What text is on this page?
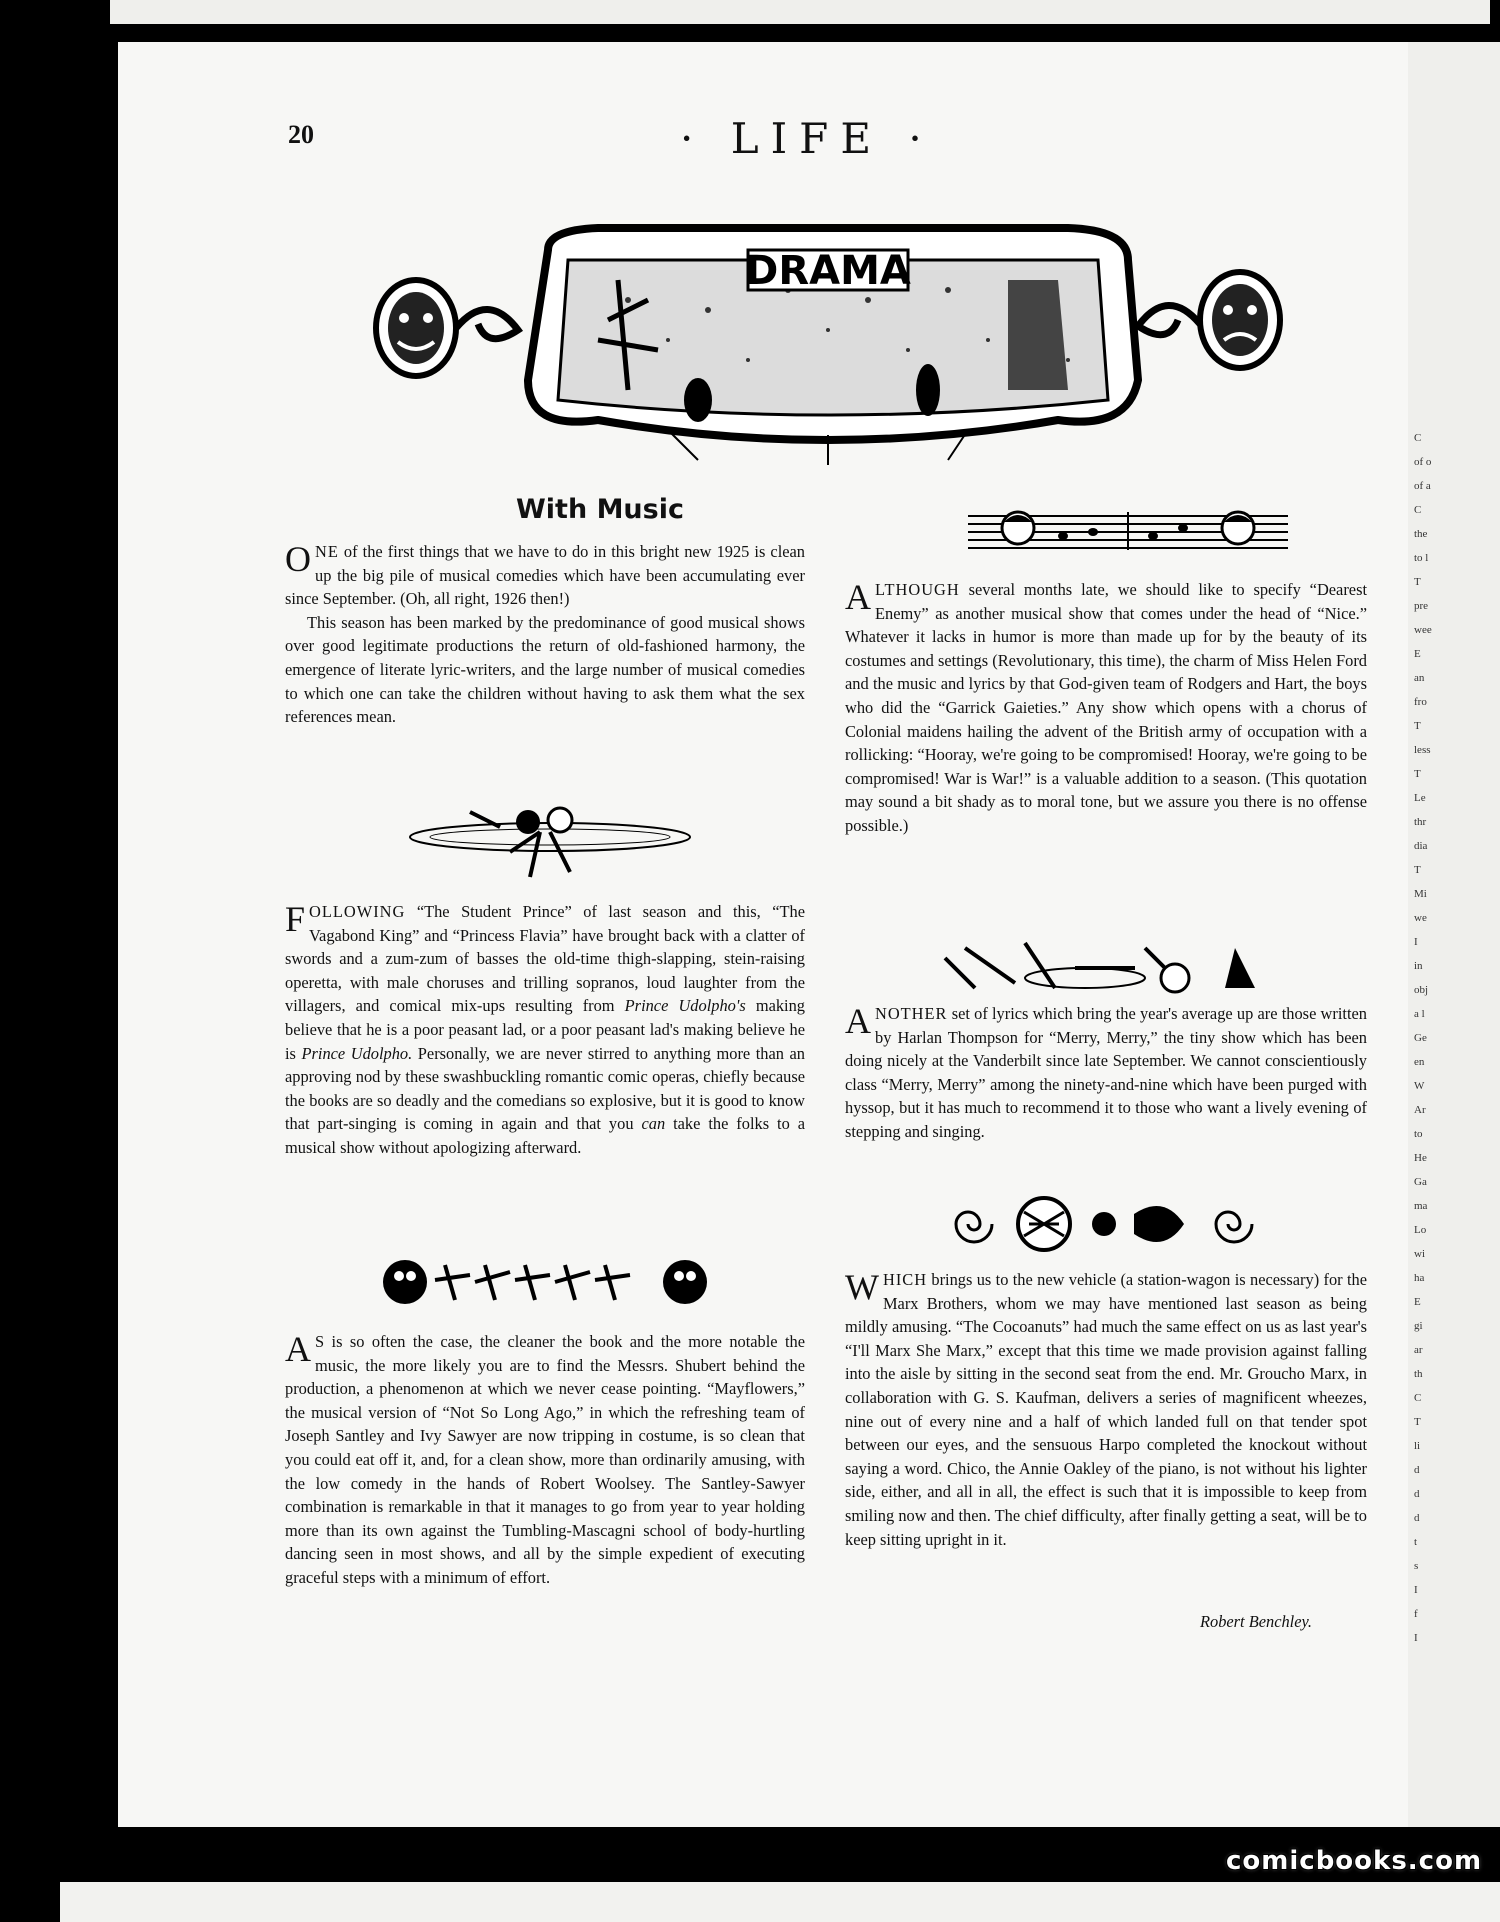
C
of o
of a
C
the
to l
T
pre
wee
E
an
fro
T
less
T
Le
thr
dia
T
Mi
we
I
in
obj
a l
Ge
en
W
Ar
to
He
Ga
ma
Lo
wi
ha
E
gi
ar
th
C
T
li
d
d
d
t
s
I
f
I
20	· LIFE ·
DRAMA
With Music

ONE of the first things that we have to do in this bright new 1925 is clean up the big pile of musical comedies which have been accumulating ever since September. (Oh, all right, 1926 then!)

This season has been marked by the predominance of good musical shows over good legitimate productions the return of old-fashioned harmony, the emergence of literate lyric-writers, and the large number of musical comedies to which one can take the children without having to ask them what the sex references mean.

FOLLOWING “The Student Prince” of last season and this, “The Vagabond King” and “Princess Flavia” have brought back with a clatter of swords and a zum-zum of basses the old-time thigh-slapping, stein-raising operetta, with male choruses and trilling sopranos, loud laughter from the villagers, and comical mix-ups resulting from Prince Udolpho's making believe that he is a poor peasant lad, or a poor peasant lad's making believe he is Prince Udolpho. Personally, we are never stirred to anything more than an approving nod by these swashbuckling romantic comic operas, chiefly because the books are so deadly and the comedians so explosive, but it is good to know that part-singing is coming in again and that you can take the folks to a musical show without apologizing afterward.

A S is so often the case, the cleaner the book and the more notable the music, the more likely you are to find the Messrs. Shubert behind the production, a phenomenon at which we never cease pointing. “Mayflowers,” the musical version of “Not So Long Ago,” in which the refreshing team of Joseph Santley and Ivy Sawyer are now tripping in costume, is so clean that you could eat off it, and, for a clean show, more than ordinarily amusing, with the low comedy in the hands of Robert Woolsey. The Santley-Sawyer combination is remarkable in that it manages to go from year to year holding more than its own against the Tumbling-Mascagni school of body-hurtling dancing seen in most shows, and all by the simple expedient of executing graceful steps with a minimum of effort.

ALTHOUGH several months late, we should like to specify “Dearest Enemy” as another musical show that comes under the head of “Nice.” Whatever it lacks in humor is more than made up for by the beauty of its costumes and settings (Revolutionary, this time), the charm of Miss Helen Ford and the music and lyrics by that God-given team of Rodgers and Hart, the boys who did the “Garrick Gaieties.” Any show which opens with a chorus of Colonial maidens hailing the advent of the British army of occupation with a rollicking: “Hooray, we're going to be compromised! Hooray, we're going to be compromised! War is War!” is a valuable addition to a season. (This quotation may sound a bit shady as to moral tone, but we assure you there is no offense possible.)

ANOTHER set of lyrics which bring the year's average up are those written by Harlan Thompson for “Merry, Merry,” the tiny show which has been doing nicely at the Vanderbilt since late September. We cannot conscientiously class “Merry, Merry” among the ninety-and-nine which have been purged with hyssop, but it has much to recommend it to those who want a lively evening of stepping and singing.

WHICH brings us to the new vehicle (a station-wagon is necessary) for the Marx Brothers, whom we may have mentioned last season as being mildly amusing. “The Cocoanuts” had much the same effect on us as last year's “I'll Marx She Marx,” except that this time we made provision against falling into the aisle by sitting in the second seat from the end. Mr. Groucho Marx, in collaboration with G. S. Kaufman, delivers a series of magnificent wheezes, nine out of every nine and a half of which landed full on that tender spot between our eyes, and the sensuous Harpo completed the knockout without saying a word. Chico, the Annie Oakley of the piano, is not without his lighter side, either, and all in all, the effect is such that it is impossible to keep from smiling now and then. The chief difficulty, after finally getting a seat, will be to keep sitting upright in it.

Robert Benchley.
comicbooks.com
